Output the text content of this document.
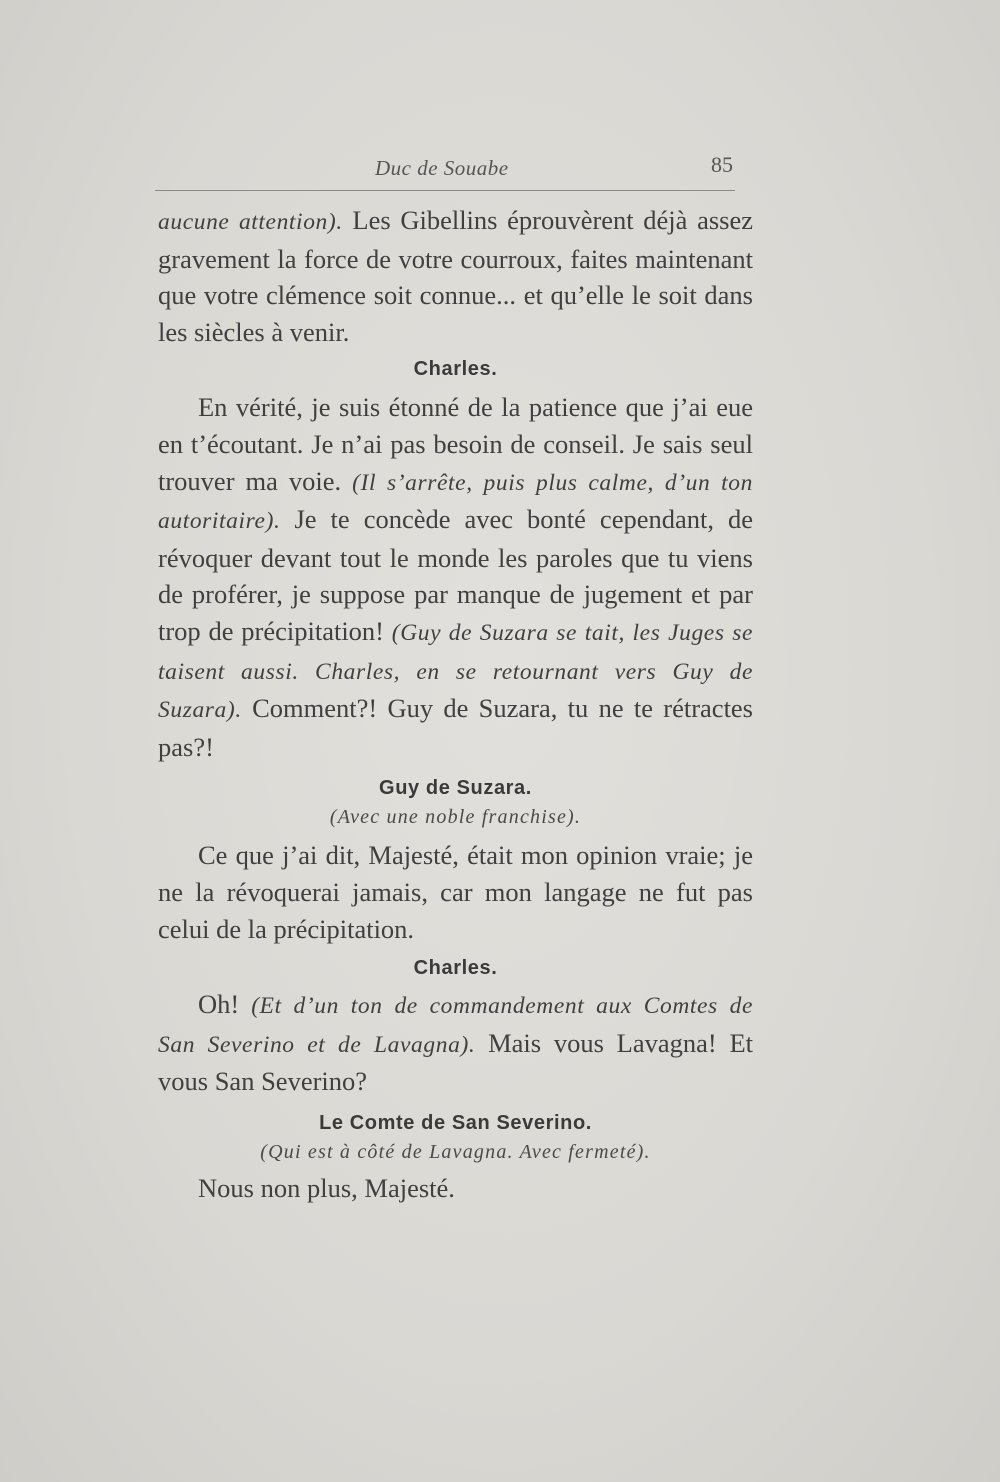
Duc de Souabe	85

aucune attention). Les Gibellins éprouvèrent déjà assez gravement la force de votre courroux, faites maintenant que votre clémence soit connue... et qu’elle le soit dans les siècles à venir.

Charles.

En vérité, je suis étonné de la patience que j’ai eue en t’écoutant. Je n’ai pas besoin de conseil. Je sais seul trouver ma voie. (Il s’arrête, puis plus calme, d’un ton autoritaire). Je te concède avec bonté cependant, de révoquer devant tout le monde les paroles que tu viens de proférer, je suppose par manque de jugement et par trop de précipitation! (Guy de Suzara se tait, les Juges se taisent aussi. Charles, en se retournant vers Guy de Suzara). Comment?! Guy de Suzara, tu ne te rétractes pas?!

Guy de Suzara.

(Avec une noble franchise).

Ce que j’ai dit, Majesté, était mon opinion vraie; je ne la révoquerai jamais, car mon langage ne fut pas celui de la précipitation.

Charles.

Oh! (Et d’un ton de commandement aux Comtes de San Severino et de Lavagna). Mais vous Lavagna! Et vous San Severino?

Le Comte de San Severino.

(Qui est à côté de Lavagna. Avec fermeté).

Nous non plus, Majesté.
